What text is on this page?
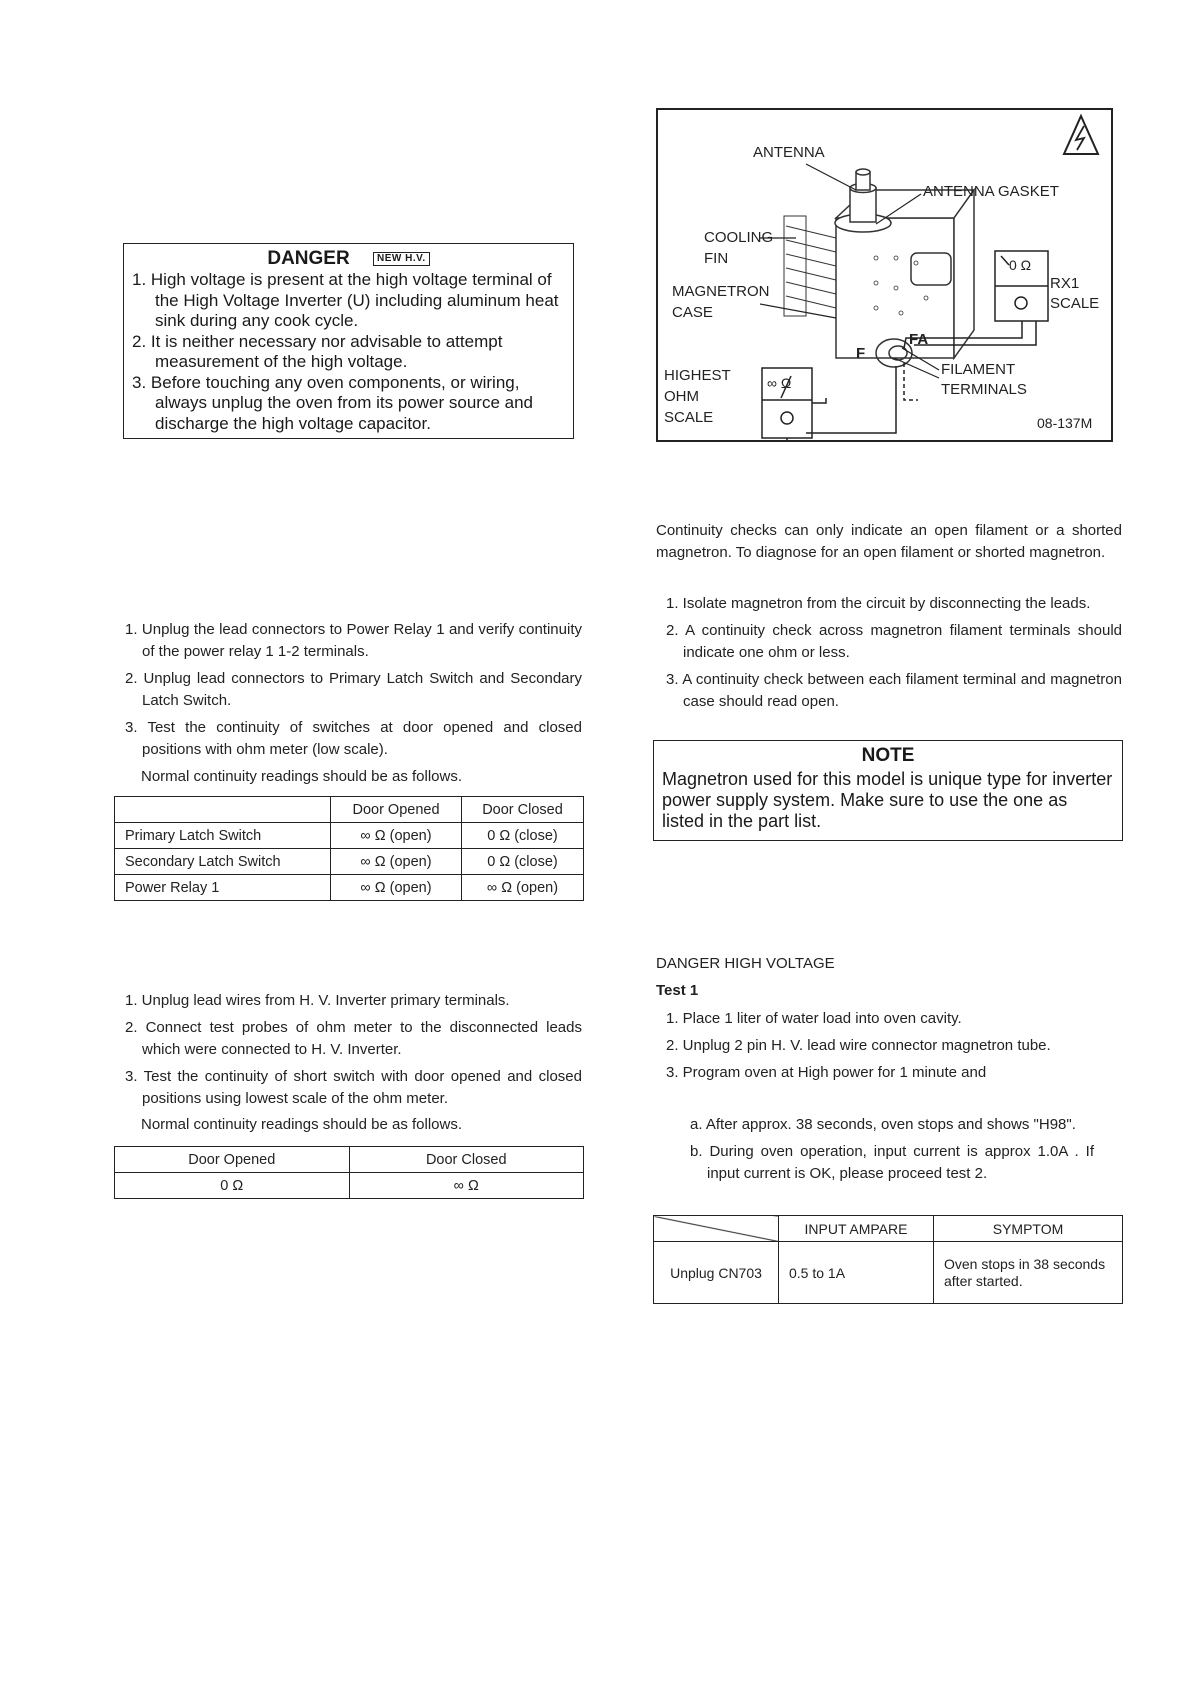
DANGER	NEW H.V.
1. High voltage is present at the high voltage terminal of the High Voltage Inverter (U) including aluminum heat sink during any cook cycle.
2. It is neither necessary nor advisable to attempt measurement of the high voltage.
3. Before touching any oven components, or wiring, always unplug the oven from its power source and discharge the high voltage capacitor.
ANTENNA
ANTENNA GASKET
COOLING
FIN
MAGNETRON
CASE
HIGHEST
OHM
SCALE
RX1
SCALE
FILAMENT
TERMINALS
08-137M
F
FA
0 Ω
∞ Ω
Continuity checks can only indicate an open filament or a shorted magnetron. To diagnose for an open filament or shorted magnetron.
1. Isolate magnetron from the circuit by disconnecting the leads.
2. A continuity check across magnetron filament terminals should indicate one ohm or less.
3. A continuity check between each filament terminal and magnetron case should read open.
NOTE
Magnetron used for this model is unique type for inverter power supply system. Make sure to use the one as listed in the part list.
1. Unplug the lead connectors to Power Relay 1 and verify continuity of the power relay 1 1-2 terminals.
2. Unplug lead connectors to Primary Latch Switch and Secondary Latch Switch.
3. Test the continuity of switches at door opened and closed positions with ohm meter (low scale).
Normal continuity readings should be as follows.
	Door Opened	Door Closed
Primary Latch Switch	∞ Ω (open)	0 Ω (close)
Secondary Latch Switch	∞ Ω (open)	0 Ω (close)
Power Relay 1	∞ Ω (open)	∞ Ω (open)
1. Unplug lead wires from H. V. Inverter primary terminals.
2. Connect test probes of ohm meter to the disconnected leads which were connected to H. V. Inverter.
3. Test the continuity of short switch with door opened and closed positions using lowest scale of the ohm meter.
Normal continuity readings should be as follows.
Door Opened	Door Closed
0 Ω	∞ Ω
DANGER HIGH VOLTAGE
Test 1
1. Place 1 liter of water load into oven cavity.
2. Unplug 2 pin H. V. lead wire connector magnetron tube.
3. Program oven at High power for 1 minute and
a. After approx. 38 seconds, oven stops and shows "H98".
b. During oven operation, input current is approx 1.0A . If input current is OK, please proceed test 2.
	INPUT AMPARE	SYMPTOM
Unplug CN703	0.5 to 1A	Oven stops in 38 seconds after started.
